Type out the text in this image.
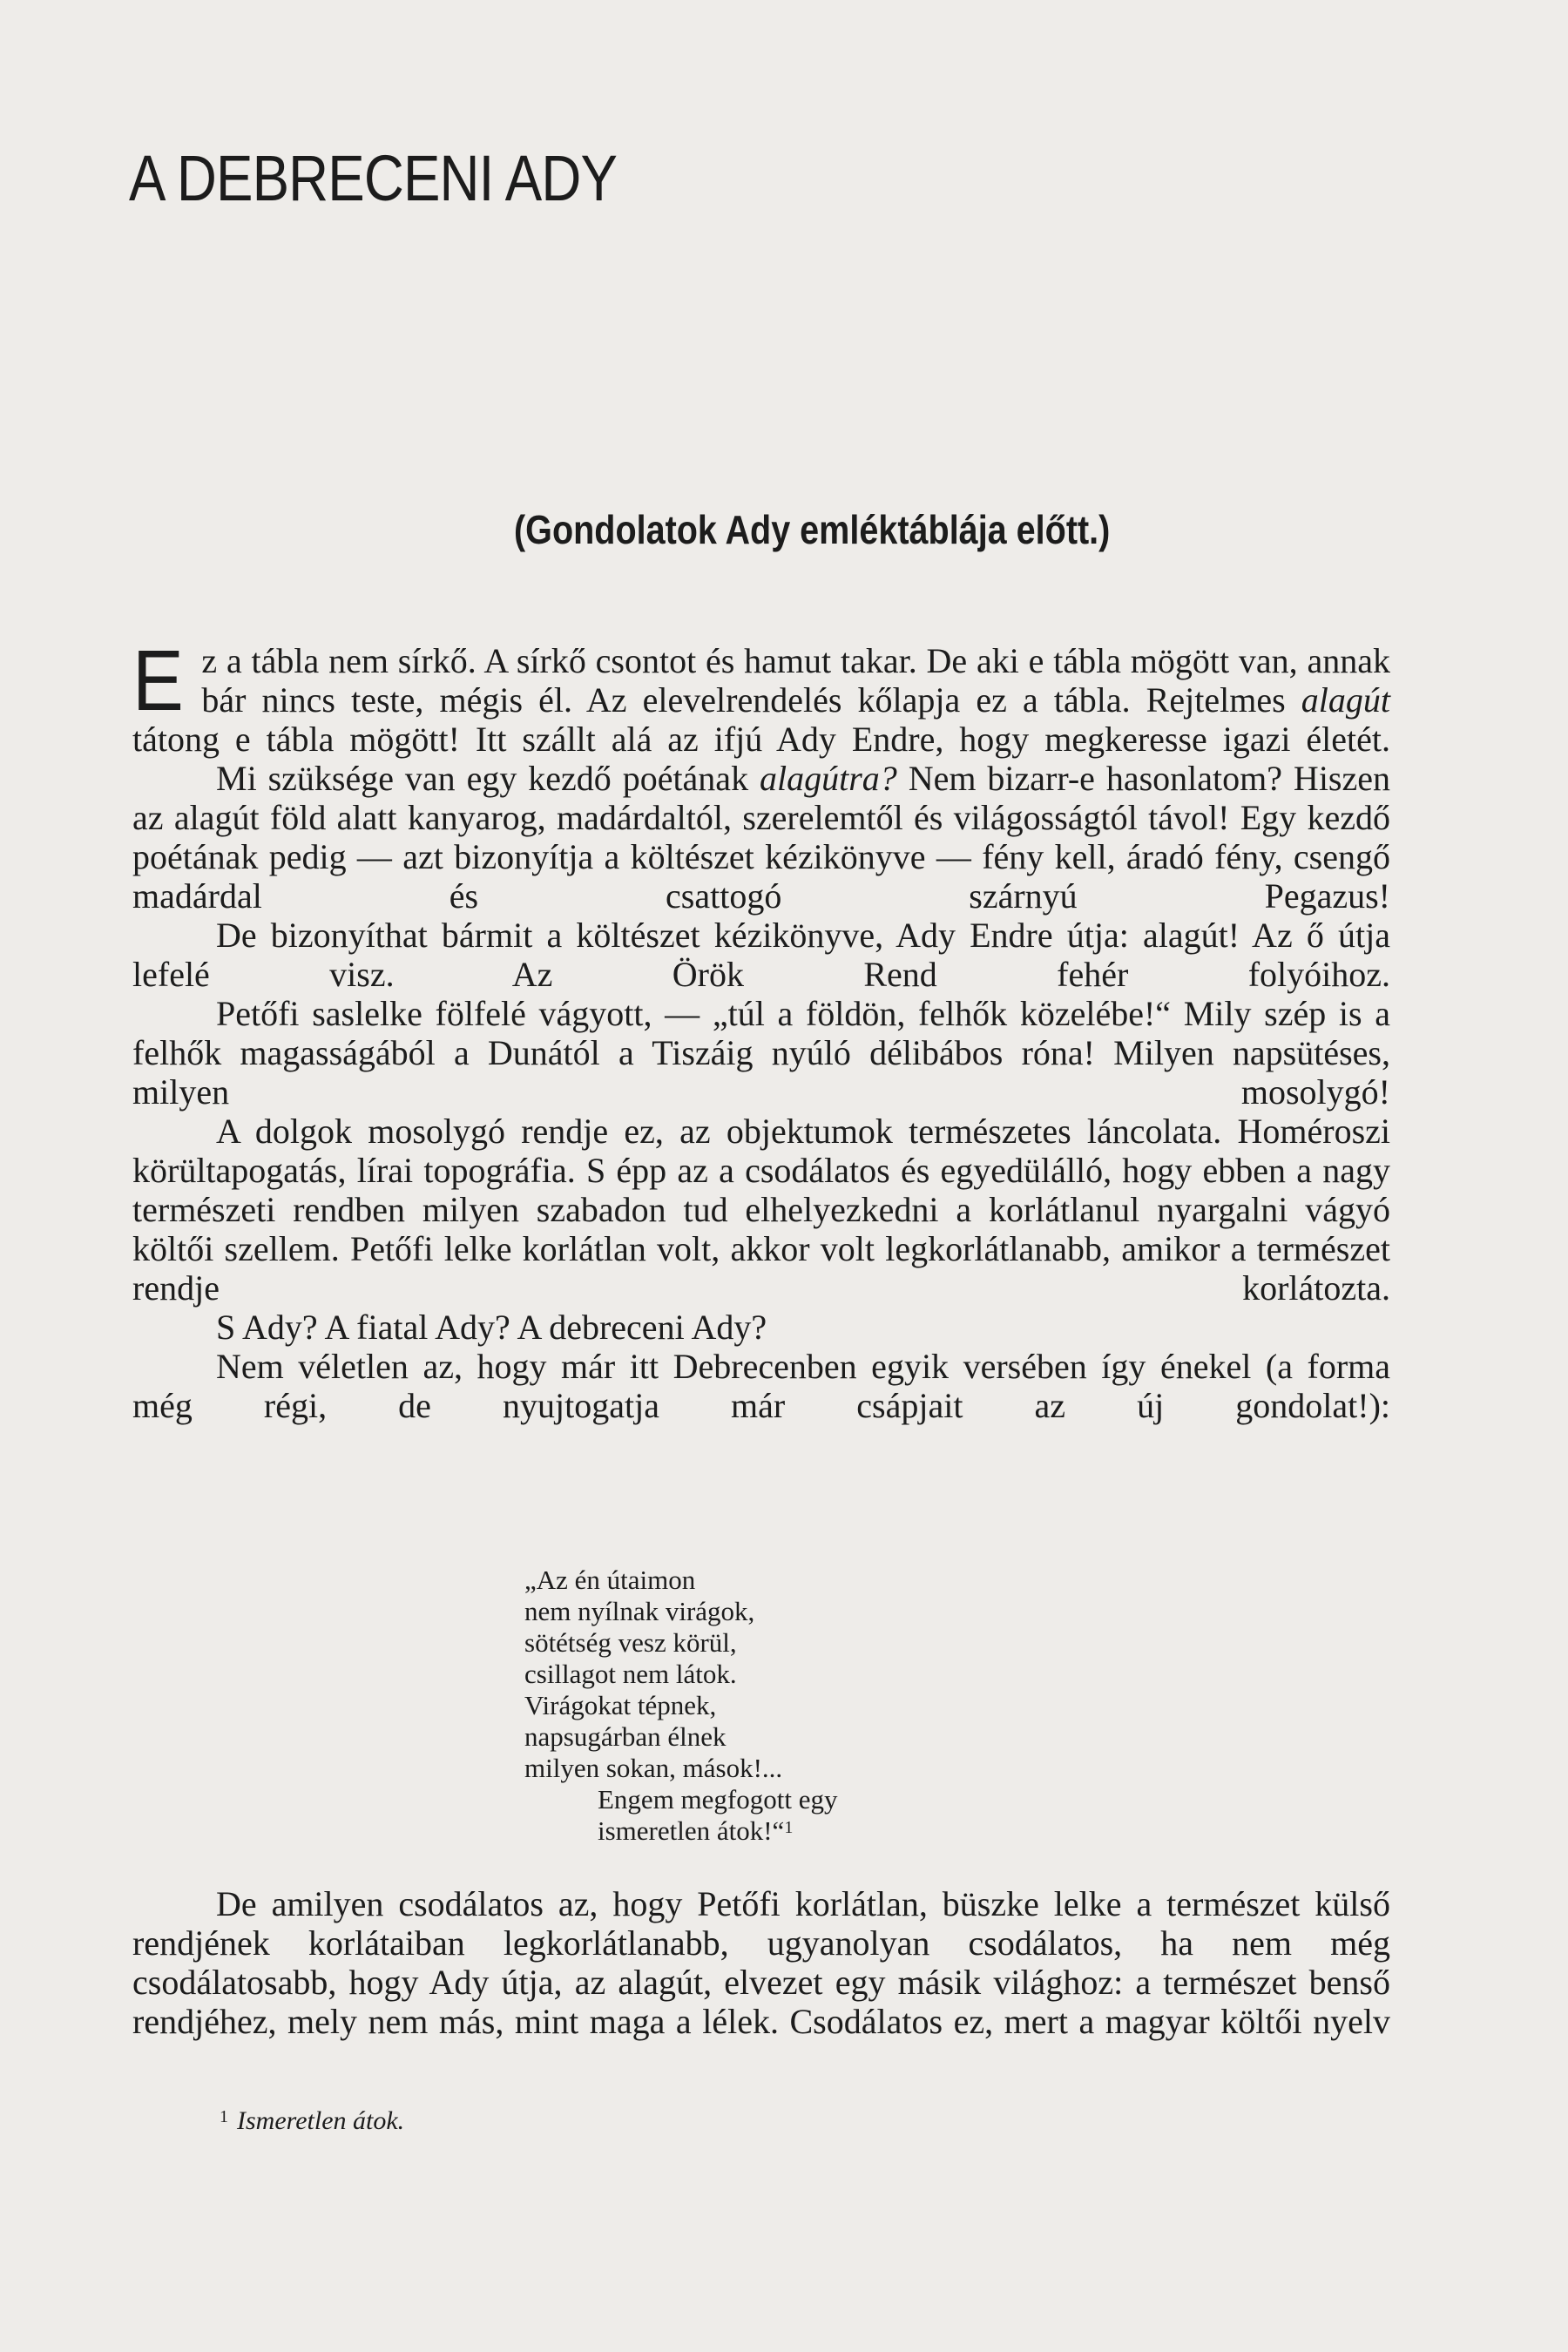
A DEBRECENI ADY
(Gondolatok Ady emléktáblája előtt.)

Ez a tábla nem sírkő. A sírkő csontot és hamut takar. De aki e tábla mögött van, annak bár nincs teste, mégis él. Az elevelrendelés kőlapja ez a tábla. Rejtelmes alagút tátong e tábla mögött! Itt szállt alá az ifjú Ady Endre, hogy megkeresse igazi életét.

Mi szüksége van egy kezdő poétának alagútra? Nem bizarr-e hasonlatom? Hiszen az alagút föld alatt kanyarog, madárdaltól, szerelemtől és világosságtól távol! Egy kezdő poétának pedig — azt bizonyítja a költészet kézikönyve — fény kell, áradó fény, csengő madárdal és csattogó szárnyú Pegazus!

De bizonyíthat bármit a költészet kézikönyve, Ady Endre útja: alagút! Az ő útja lefelé visz. Az Örök Rend fehér folyóihoz.

Petőfi saslelke fölfelé vágyott, — „túl a földön, felhők közelébe!“ Mily szép is a felhők magasságából a Dunától a Tiszáig nyúló délibábos róna! Milyen napsütéses, milyen mosolygó!

A dolgok mosolygó rendje ez, az objektumok természetes láncolata. Homéroszi körültapogatás, lírai topográfia. S épp az a csodálatos és egyedülálló, hogy ebben a nagy természeti rendben milyen szabadon tud elhelyezkedni a korlátlanul nyargalni vágyó költői szellem. Petőfi lelke korlátlan volt, akkor volt legkorlátlanabb, amikor a természet rendje korlátozta.

S Ady? A fiatal Ady? A debreceni Ady?

Nem véletlen az, hogy már itt Debrecenben egyik versében így énekel (a forma még régi, de nyujtogatja már csápjait az új gondolat!):

„Az én útaimon
nem nyílnak virágok,
sötétség vesz körül,
csillagot nem látok.
Virágokat tépnek,
napsugárban élnek
milyen sokan, mások!...
Engem megfogott egy
ismeretlen átok!“$^1$

De amilyen csodálatos az, hogy Petőfi korlátlan, büszke lelke a természet külső rendjének korlátaiban legkorlátlanabb, ugyanolyan csodálatos, ha nem még csodálatosabb, hogy Ady útja, az alagút, elvezet egy másik világhoz: a természet benső rendjéhez, mely nem más, mint maga a lélek. Csodálatos ez, mert a magyar költői nyelv

$^1$ Ismeretlen átok.
